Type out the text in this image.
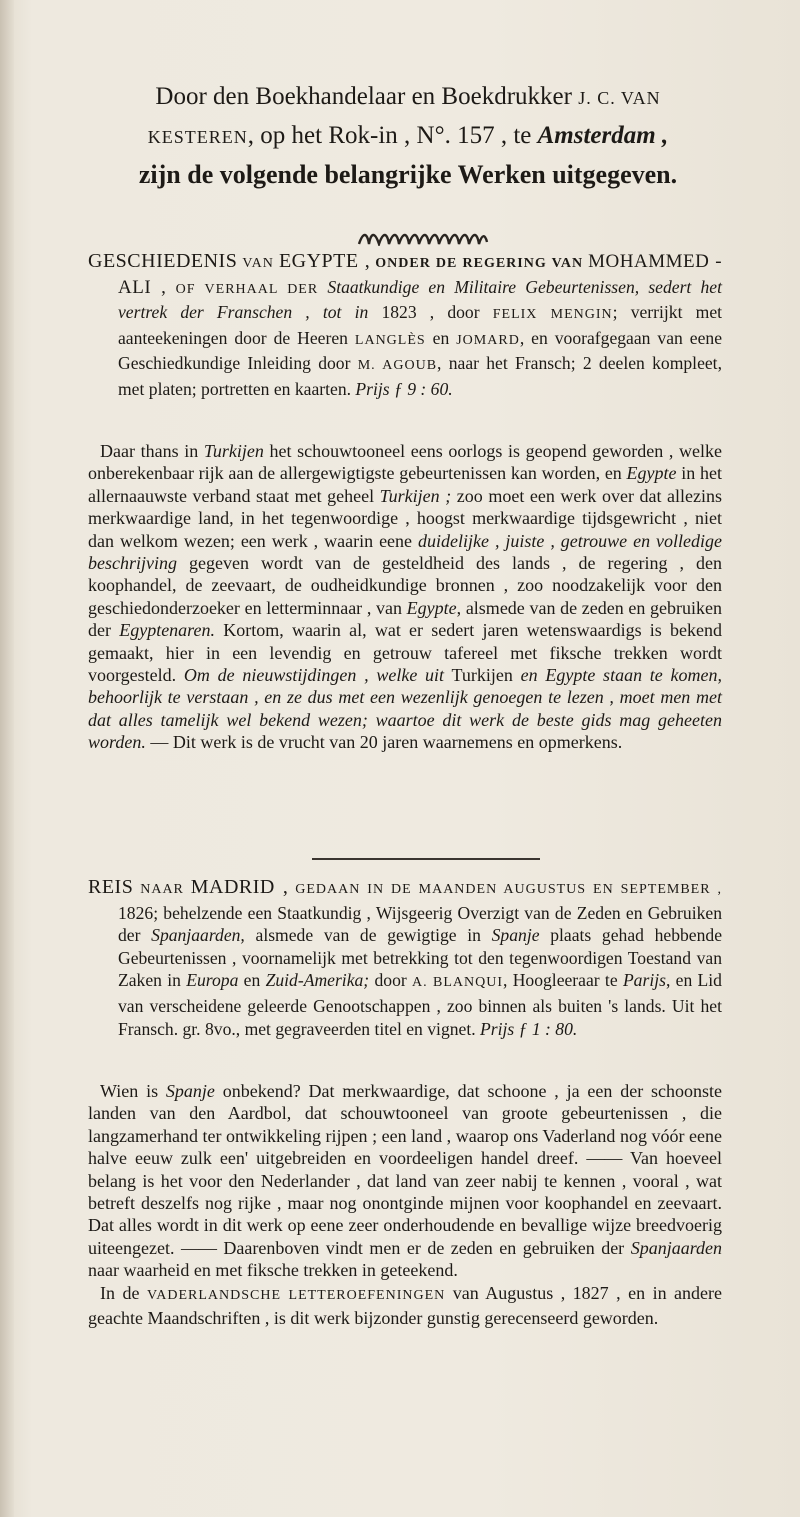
Door den Boekhandelaar en Boekdrukker J. C. VAN
KESTEREN, op het Rok-in , N°. 157 , te Amsterdam ,
zijn de volgende belangrijke Werken uitgegeven.

GESCHIEDENIS VAN EGYPTE , ONDER DE REGERING VAN MOHAMMED - ALI , OF VERHAAL DER Staatkundige en Militaire Gebeurtenissen, sedert het vertrek der Franschen , tot in 1823 , door FELIX MENGIN; verrijkt met aanteekeningen door de Heeren LANGLÈS en JOMARD, en voorafgegaan van eene Geschiedkundige Inleiding door M. AGOUB, naar het Fransch; 2 deelen kompleet, met platen; portretten en kaarten. Prijs ƒ 9 : 60.

Daar thans in Turkijen het schouwtooneel eens oorlogs is geopend geworden , welke onberekenbaar rijk aan de allergewigtigste gebeurtenissen kan worden, en Egypte in het allernaauwste verband staat met geheel Turkijen ; zoo moet een werk over dat allezins merkwaardige land, in het tegenwoordige , hoogst merkwaardige tijdsgewricht , niet dan welkom wezen; een werk , waarin eene duidelijke , juiste , getrouwe en volledige beschrijving gegeven wordt van de gesteldheid des lands , de regering , den koophandel, de zeevaart, de oudheidkundige bronnen , zoo noodzakelijk voor den geschiedonderzoeker en letterminnaar , van Egypte, alsmede van de zeden en gebruiken der Egyptenaren. Kortom, waarin al, wat er sedert jaren wetenswaardigs is bekend gemaakt, hier in een levendig en getrouw tafereel met fiksche trekken wordt voorgesteld. Om de nieuwstijdingen , welke uit Turkijen en Egypte staan te komen, behoorlijk te verstaan , en ze dus met een wezenlijk genoegen te lezen , moet men met dat alles tamelijk wel bekend wezen; waartoe dit werk de beste gids mag geheeten worden. — Dit werk is de vrucht van 20 jaren waarnemens en opmerkens.

REIS NAAR MADRID , GEDAAN IN DE MAANDEN AUGUSTUS EN SEPTEMBER , 1826; behelzende een Staatkundig , Wijsgeerig Overzigt van de Zeden en Gebruiken der Spanjaarden, alsmede van de gewigtige in Spanje plaats gehad hebbende Gebeurtenissen , voornamelijk met betrekking tot den tegenwoordigen Toestand van Zaken in Europa en Zuid-Amerika; door A. BLANQUI, Hoogleeraar te Parijs, en Lid van verscheidene geleerde Genootschappen , zoo binnen als buiten 's lands. Uit het Fransch. gr. 8vo., met gegraveerden titel en vignet. Prijs ƒ 1 : 80.

Wien is Spanje onbekend? Dat merkwaardige, dat schoone , ja een der schoonste landen van den Aardbol, dat schouwtooneel van groote gebeurtenissen , die langzamerhand ter ontwikkeling rijpen ; een land , waarop ons Vaderland nog vóór eene halve eeuw zulk een' uitgebreiden en voordeeligen handel dreef. —— Van hoeveel belang is het voor den Nederlander , dat land van zeer nabij te kennen , vooral , wat betreft deszelfs nog rijke , maar nog onontginde mijnen voor koophandel en zeevaart. Dat alles wordt in dit werk op eene zeer onderhoudende en bevallige wijze breedvoerig uiteengezet. —— Daarenboven vindt men er de zeden en gebruiken der Spanjaarden naar waarheid en met fiksche trekken in geteekend.

In de VADERLANDSCHE LETTEROEFENINGEN van Augustus , 1827 , en in andere geachte Maandschriften , is dit werk bijzonder gunstig gerecenseerd geworden.
